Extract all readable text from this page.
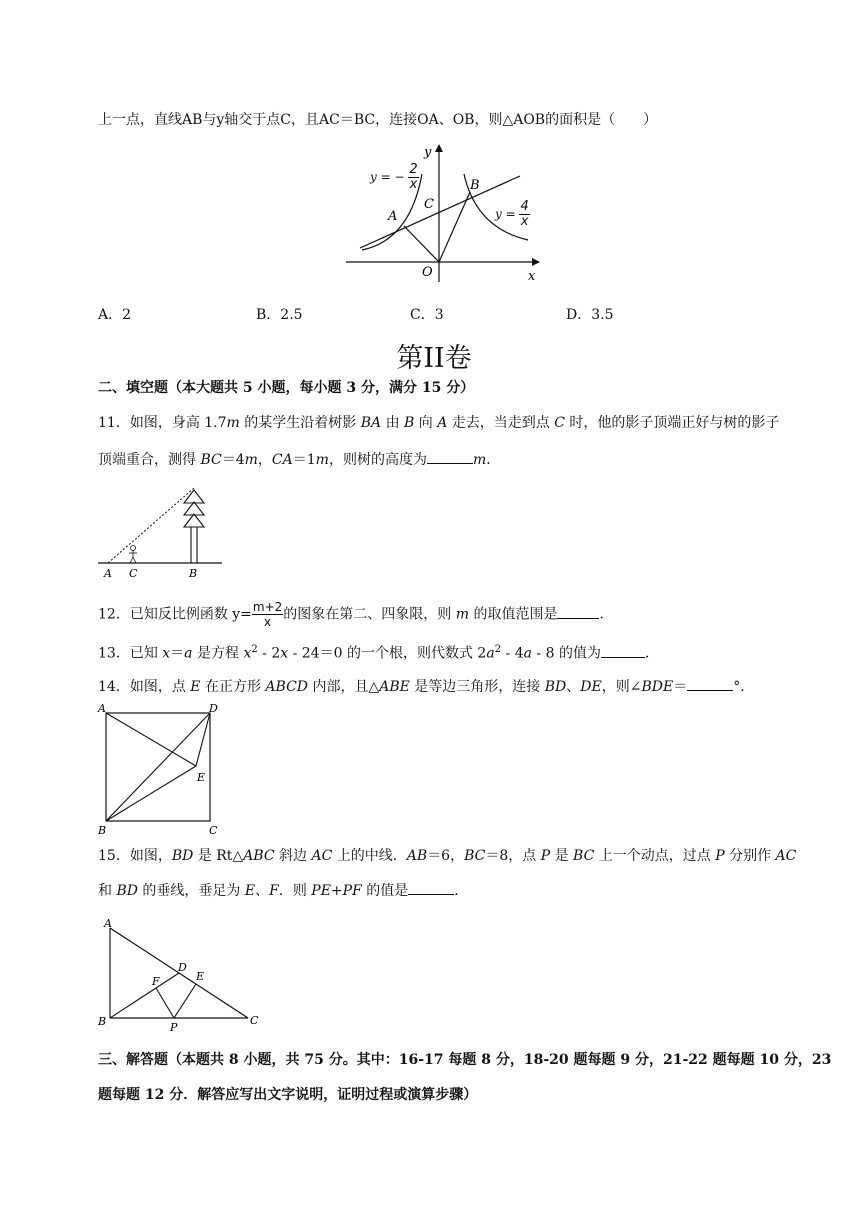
上一点，直线AB与y轴交于点C，且AC＝BC，连接OA、OB，则△AOB的面积是（　　）
y
x
O
A
B
C
y = − $\frac{2}{x}$
$y = \frac{4}{x}$
A．2	B．2.5	C．3	D．3.5
第II卷
二、填空题（本大题共 5 小题，每小题 3 分，满分 15 分）
11．如图，身高 1.7m 的某学生沿着树影 BA 由 B 向 A 走去，当走到点 C 时，他的影子顶端正好与树的影子
顶端重合，测得 BC＝4m，CA＝1m，则树的高度为	m．
A C	B
12．已知反比例函数 $y= \frac{m+2}{x}$ 的图象在第二、四象限，则 m 的取值范围是	．
13．已知 x＝a 是方程 $x^2 - 2x - 24=0$ 的一个根，则代数式 $2a^2 - 4a - 8$ 的值为	．
14．如图，点 E 在正方形 ABCD 内部，且△ABE 是等边三角形，连接 BD、DE，则∠BDE＝	°．
A	D
E
B	C
15．如图，BD 是 Rt△ABC 斜边 AC 上的中线．AB＝6，BC＝8，点 P 是 BC 上一个动点，过点 P 分别作 AC
和 BD 的垂线，垂足为 E、F．则 PE+PF 的值是	．
A
D
E
F
B	P
C
三、解答题（本题共 8 小题，共 75 分。其中：16-17 每题 8 分，18-20 题每题 9 分，21-22 题每题 10 分，23
题每题 12 分．解答应写出文字说明，证明过程或演算步骤）
